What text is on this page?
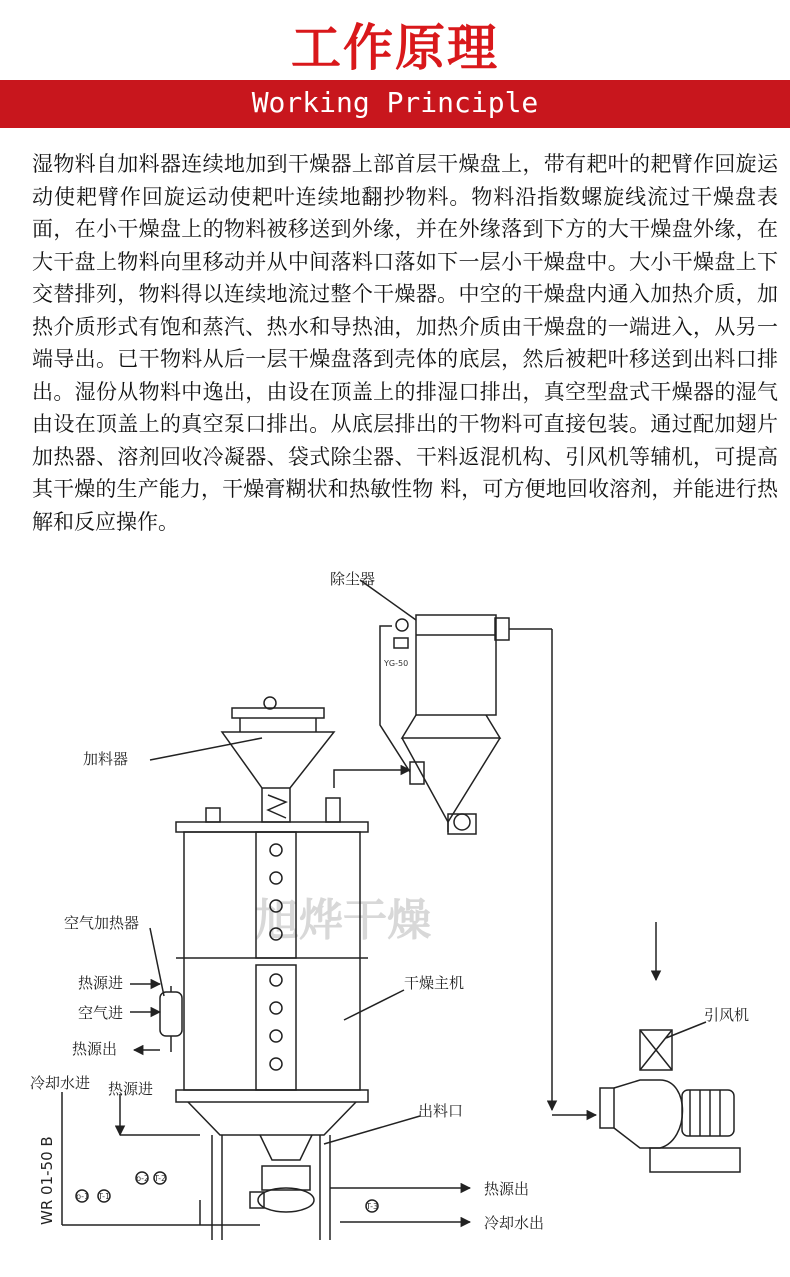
工作原理
Working Principle
湿物料自加料器连续地加到干燥器上部首层干燥盘上，带有耙叶的耙臂作回旋运动使耙臂作回旋运动使耙叶连续地翻抄物料。物料沿指数螺旋线流过干燥盘表面，在小干燥盘上的物料被移送到外缘，并在外缘落到下方的大干燥盘外缘，在大干盘上物料向里移动并从中间落料口落如下一层小干燥盘中。大小干燥盘上下交替排列，物料得以连续地流过整个干燥器。中空的干燥盘内通入加热介质，加热介质形式有饱和蒸汽、热水和导热油，加热介质由干燥盘的一端进入，从另一端导出。已干物料从后一层干燥盘落到壳体的底层，然后被耙叶移送到出料口排出。湿份从物料中逸出，由设在顶盖上的排湿口排出，真空型盘式干燥器的湿气由设在顶盖上的真空泵口排出。从底层排出的干物料可直接包装。通过配加翅片加热器、溶剂回收冷凝器、袋式除尘器、干料返混机构、引风机等辅机，可提高其干燥的生产能力，干燥膏糊状和热敏性物 料，可方便地回收溶剂，并能进行热解和反应操作。
旭烨干燥
除尘器
YG-50
加料器
空气加热器
热源进
空气进
热源出
冷却水进 热源进
干燥主机
引风机
出料口
热源出
冷却水出
WR 01-50 B	p-1 T-1
p-2 T-2
T-3
